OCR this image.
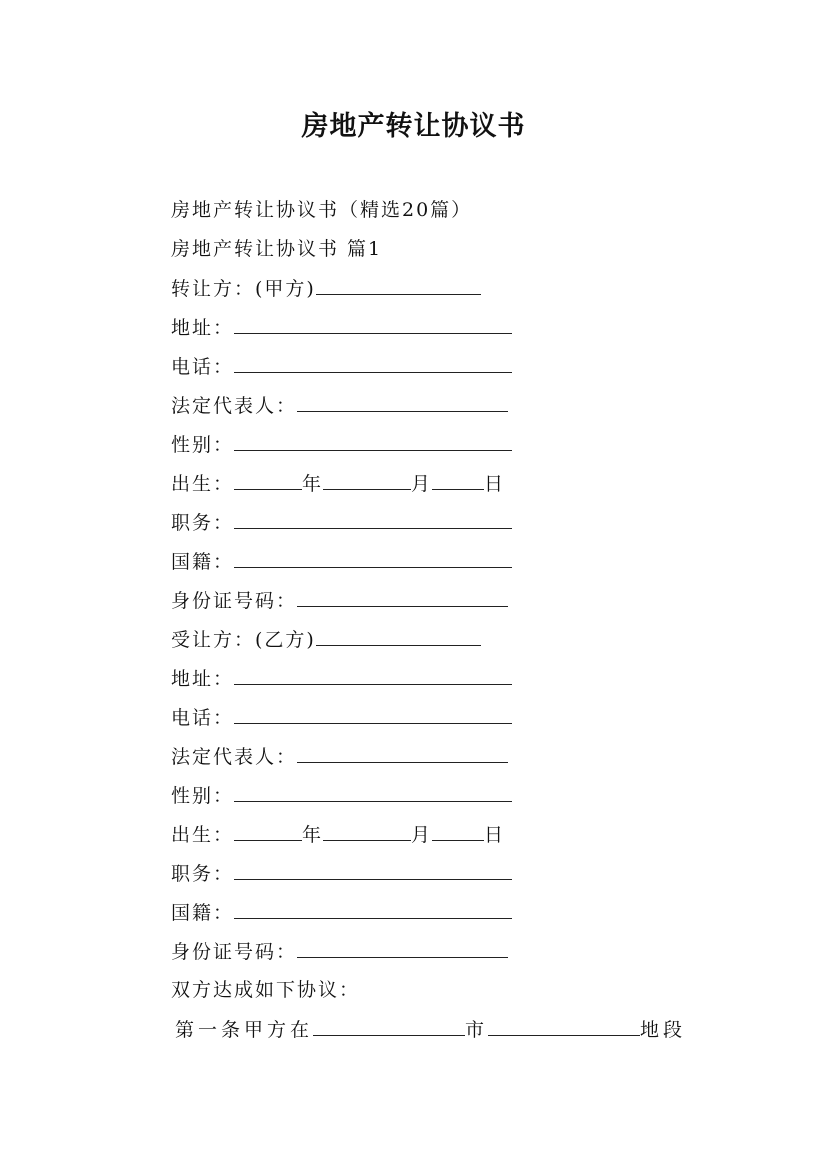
房地产转让协议书
房地产转让协议书（精选20篇）
房地产转让协议书 篇1
转让方：(甲方)
地址：
电话：
法定代表人：
性别：
出生：	年	月	日
职务：
国籍：
身份证号码：
受让方：(乙方)
地址：
电话：
法定代表人：
性别：
出生：	年	月	日
职务：
国籍：
身份证号码：
双方达成如下协议：
第一条甲方在	市	地段
